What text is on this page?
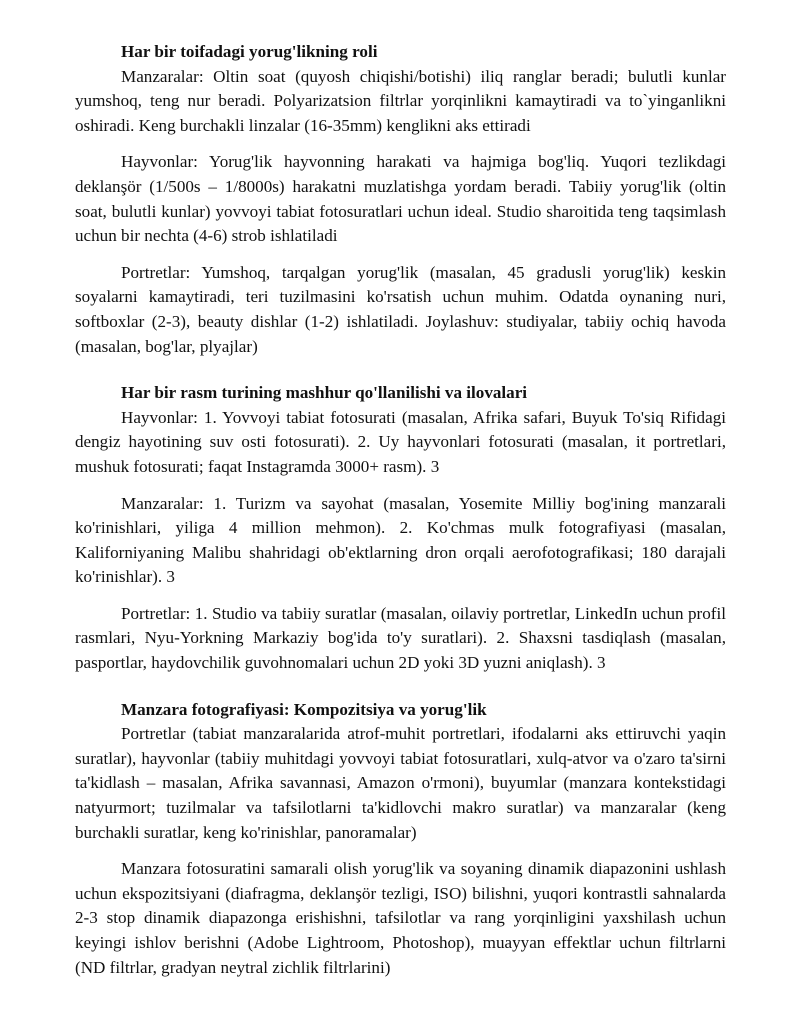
Har bir toifadagi yorug'likning roli

Manzaralar: Oltin soat (quyosh chiqishi/botishi) iliq ranglar beradi; bulutli kunlar yumshoq, teng nur beradi. Polyarizatsion filtrlar yorqinlikni kamaytiradi va to`yinganlikni oshiradi. Keng burchakli linzalar (16-35mm) kenglikni aks ettiradi

Hayvonlar: Yorug'lik hayvonning harakati va hajmiga bog'liq. Yuqori tezlikdagi deklanşör (1/500s – 1/8000s) harakatni muzlatishga yordam beradi. Tabiiy yorug'lik (oltin soat, bulutli kunlar) yovvoyi tabiat fotosuratlari uchun ideal. Studio sharoitida teng taqsimlash uchun bir nechta (4-6) strob ishlatiladi

Portretlar: Yumshoq, tarqalgan yorug'lik (masalan, 45 gradusli yorug'lik) keskin soyalarni kamaytiradi, teri tuzilmasini ko'rsatish uchun muhim. Odatda oynaning nuri, softboxlar (2-3), beauty dishlar (1-2) ishlatiladi. Joylashuv: studiyalar, tabiiy ochiq havoda (masalan, bog'lar, plyajlar)

Har bir rasm turining mashhur qo'llanilishi va ilovalari

Hayvonlar: 1. Yovvoyi tabiat fotosurati (masalan, Afrika safari, Buyuk To'siq Rifidagi dengiz hayotining suv osti fotosurati). 2. Uy hayvonlari fotosurati (masalan, it portretlari, mushuk fotosurati; faqat Instagramda 3000+ rasm). 3

Manzaralar: 1. Turizm va sayohat (masalan, Yosemite Milliy bog'ining manzarali ko'rinishlari, yiliga 4 million mehmon). 2. Ko'chmas mulk fotografiyasi (masalan, Kaliforniyaning Malibu shahridagi ob'ektlarning dron orqali aerofotografikasi; 180 darajali ko'rinishlar). 3

Portretlar: 1. Studio va tabiiy suratlar (masalan, oilaviy portretlar, LinkedIn uchun profil rasmlari, Nyu-Yorkning Markaziy bog'ida to'y suratlari). 2. Shaxsni tasdiqlash (masalan, pasportlar, haydovchilik guvohnomalari uchun 2D yoki 3D yuzni aniqlash). 3

Manzara fotografiyasi: Kompozitsiya va yorug'lik

Portretlar (tabiat manzaralarida atrof-muhit portretlari, ifodalarni aks ettiruvchi yaqin suratlar), hayvonlar (tabiiy muhitdagi yovvoyi tabiat fotosuratlari, xulq-atvor va o'zaro ta'sirni ta'kidlash – masalan, Afrika savannasi, Amazon o'rmoni), buyumlar (manzara kontekstidagi natyurmort; tuzilmalar va tafsilotlarni ta'kidlovchi makro suratlar) va manzaralar (keng burchakli suratlar, keng ko'rinishlar, panoramalar)

Manzara fotosuratini samarali olish yorug'lik va soyaning dinamik diapazonini ushlash uchun ekspozitsiyani (diafragma, deklanşör tezligi, ISO) bilishni, yuqori kontrastli sahnalarda 2-3 stop dinamik diapazonga erishishni, tafsilotlar va rang yorqinligini yaxshilash uchun keyingi ishlov berishni (Adobe Lightroom, Photoshop), muayyan effektlar uchun filtrlarni (ND filtrlar, gradyan neytral zichlik filtrlarini)
